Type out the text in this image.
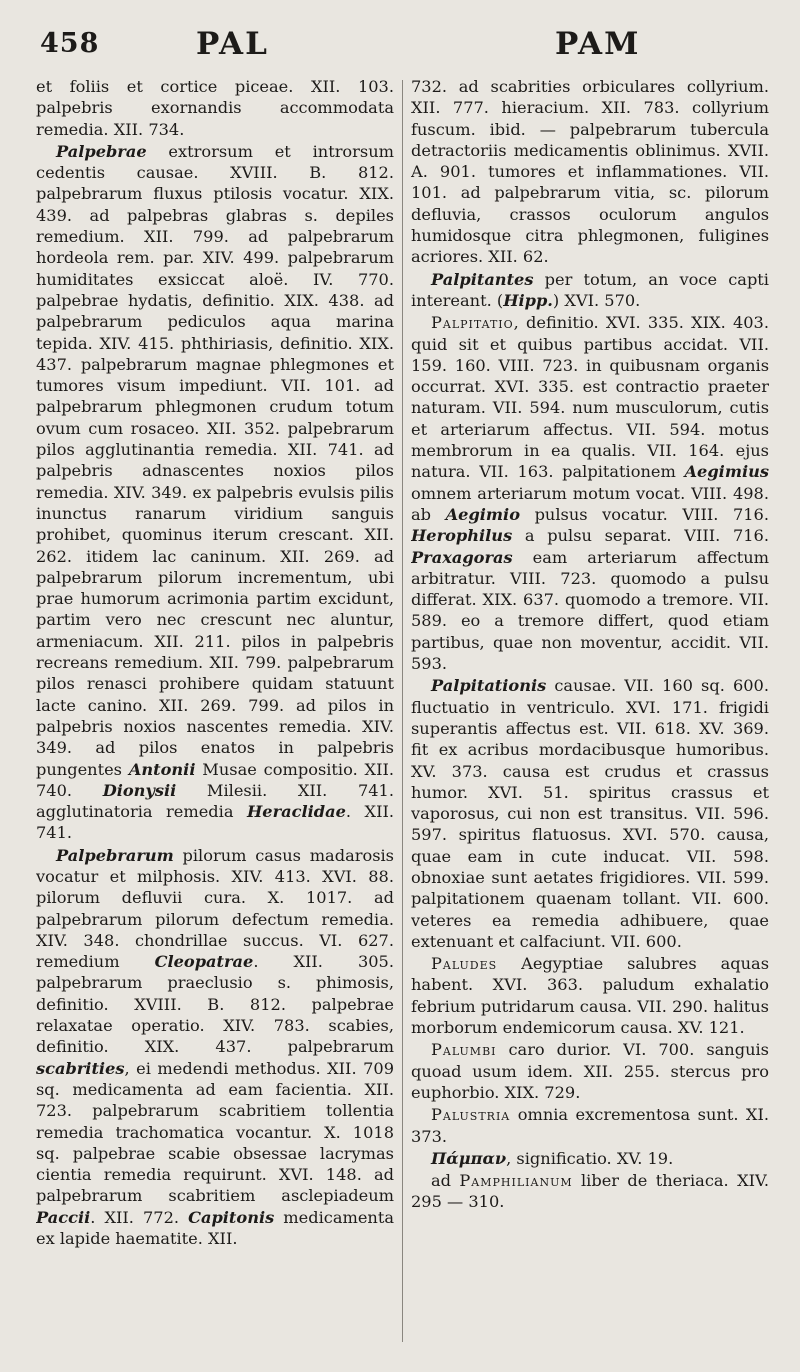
458	PAL	PAM

et foliis et cortice piceae. XII. 103. palpebris exornandis accommodata remedia. XII. 734.

Palpebrae extrorsum et introrsum cedentis causae. XVIII. B. 812. palpebrarum fluxus ptilosis vocatur. XIX. 439. ad palpebras glabras s. depiles remedium. XII. 799. ad palpebrarum hordeola rem. par. XIV. 499. palpebrarum humiditates exsiccat aloë. IV. 770. palpebrae hydatis, definitio. XIX. 438. ad palpebrarum pediculos aqua marina tepida. XIV. 415. phthiriasis, definitio. XIX. 437. palpebrarum magnae phlegmones et tumores visum impediunt. VII. 101. ad palpebrarum phlegmonen crudum totum ovum cum rosaceo. XII. 352. palpebrarum pilos agglutinantia remedia. XII. 741. ad palpebris adnascentes noxios pilos remedia. XIV. 349. ex palpebris evulsis pilis inunctus ranarum viridium sanguis prohibet, quominus iterum crescant. XII. 262. itidem lac caninum. XII. 269. ad palpebrarum pilorum incrementum, ubi prae humorum acrimonia partim excidunt, partim vero nec crescunt nec aluntur, armeniacum. XII. 211. pilos in palpebris recreans remedium. XII. 799. palpebrarum pilos renasci prohibere quidam statuunt lacte canino. XII. 269. 799. ad pilos in palpebris noxios nascentes remedia. XIV. 349. ad pilos enatos in palpebris pungentes Antonii Musae compositio. XII. 740. Dionysii Milesii. XII. 741. agglutinatoria remedia Heraclidae. XII. 741.

Palpebrarum pilorum casus madarosis vocatur et milphosis. XIV. 413. XVI. 88. pilorum defluvii cura. X. 1017. ad palpebrarum pilorum defectum remedia. XIV. 348. chondrillae succus. VI. 627. remedium Cleopatrae. XII. 305. palpebrarum praeclusio s. phimosis, definitio. XVIII. B. 812. palpebrae relaxatae operatio. XIV. 783. scabies, definitio. XIX. 437. palpebrarum scabrities, ei medendi methodus. XII. 709 sq. medicamenta ad eam facientia. XII. 723. palpebrarum scabritiem tollentia remedia trachomatica vocantur. X. 1018 sq. palpebrae scabie obsessae lacrymas cientia remedia requirunt. XVI. 148. ad palpebrarum scabritiem asclepiadeum Paccii. XII. 772. Capitonis medicamenta ex lapide haematite. XII.

732. ad scabrities orbiculares collyrium. XII. 777. hieracium. XII. 783. collyrium fuscum. ibid. — palpebrarum tubercula detractoriis medicamentis oblinimus. XVII. A. 901. tumores et inflammationes. VII. 101. ad palpebrarum vitia, sc. pilorum defluvia, crassos oculorum angulos humidosque citra phlegmonen, fuligines acriores. XII. 62.

Palpitantes per totum, an voce capti intereant. (Hipp.) XVI. 570.

Palpitatio, definitio. XVI. 335. XIX. 403. quid sit et quibus partibus accidat. VII. 159. 160. VIII. 723. in quibusnam organis occurrat. XVI. 335. est contractio praeter naturam. VII. 594. num musculorum, cutis et arteriarum affectus. VII. 594. motus membrorum in ea qualis. VII. 164. ejus natura. VII. 163. palpitationem Aegimius omnem arteriarum motum vocat. VIII. 498. ab Aegimio pulsus vocatur. VIII. 716. Herophilus a pulsu separat. VIII. 716. Praxagoras eam arteriarum affectum arbitratur. VIII. 723. quomodo a pulsu differat. XIX. 637. quomodo a tremore. VII. 589. eo a tremore differt, quod etiam partibus, quae non moventur, accidit. VII. 593.

Palpitationis causae. VII. 160 sq. 600. fluctuatio in ventriculo. XVI. 171. frigidi superantis affectus est. VII. 618. XV. 369. fit ex acribus mordacibusque humoribus. XV. 373. causa est crudus et crassus humor. XVI. 51. spiritus crassus et vaporosus, cui non est transitus. VII. 596. 597. spiritus flatuosus. XVI. 570. causa, quae eam in cute inducat. VII. 598. obnoxiae sunt aetates frigidiores. VII. 599. palpitationem quaenam tollant. VII. 600. veteres ea remedia adhibuere, quae extenuant et calfaciunt. VII. 600.

Paludes Aegyptiae salubres aquas habent. XVI. 363. paludum exhalatio febrium putridarum causa. VII. 290. halitus morborum endemicorum causa. XV. 121.

Palumbi caro durior. VI. 700. sanguis quoad usum idem. XII. 255. stercus pro euphorbio. XIX. 729.

Palustria omnia excrementosa sunt. XI. 373.

Πάμπαν, significatio. XV. 19.

ad Pamphilianum liber de theriaca. XIV. 295 — 310.
